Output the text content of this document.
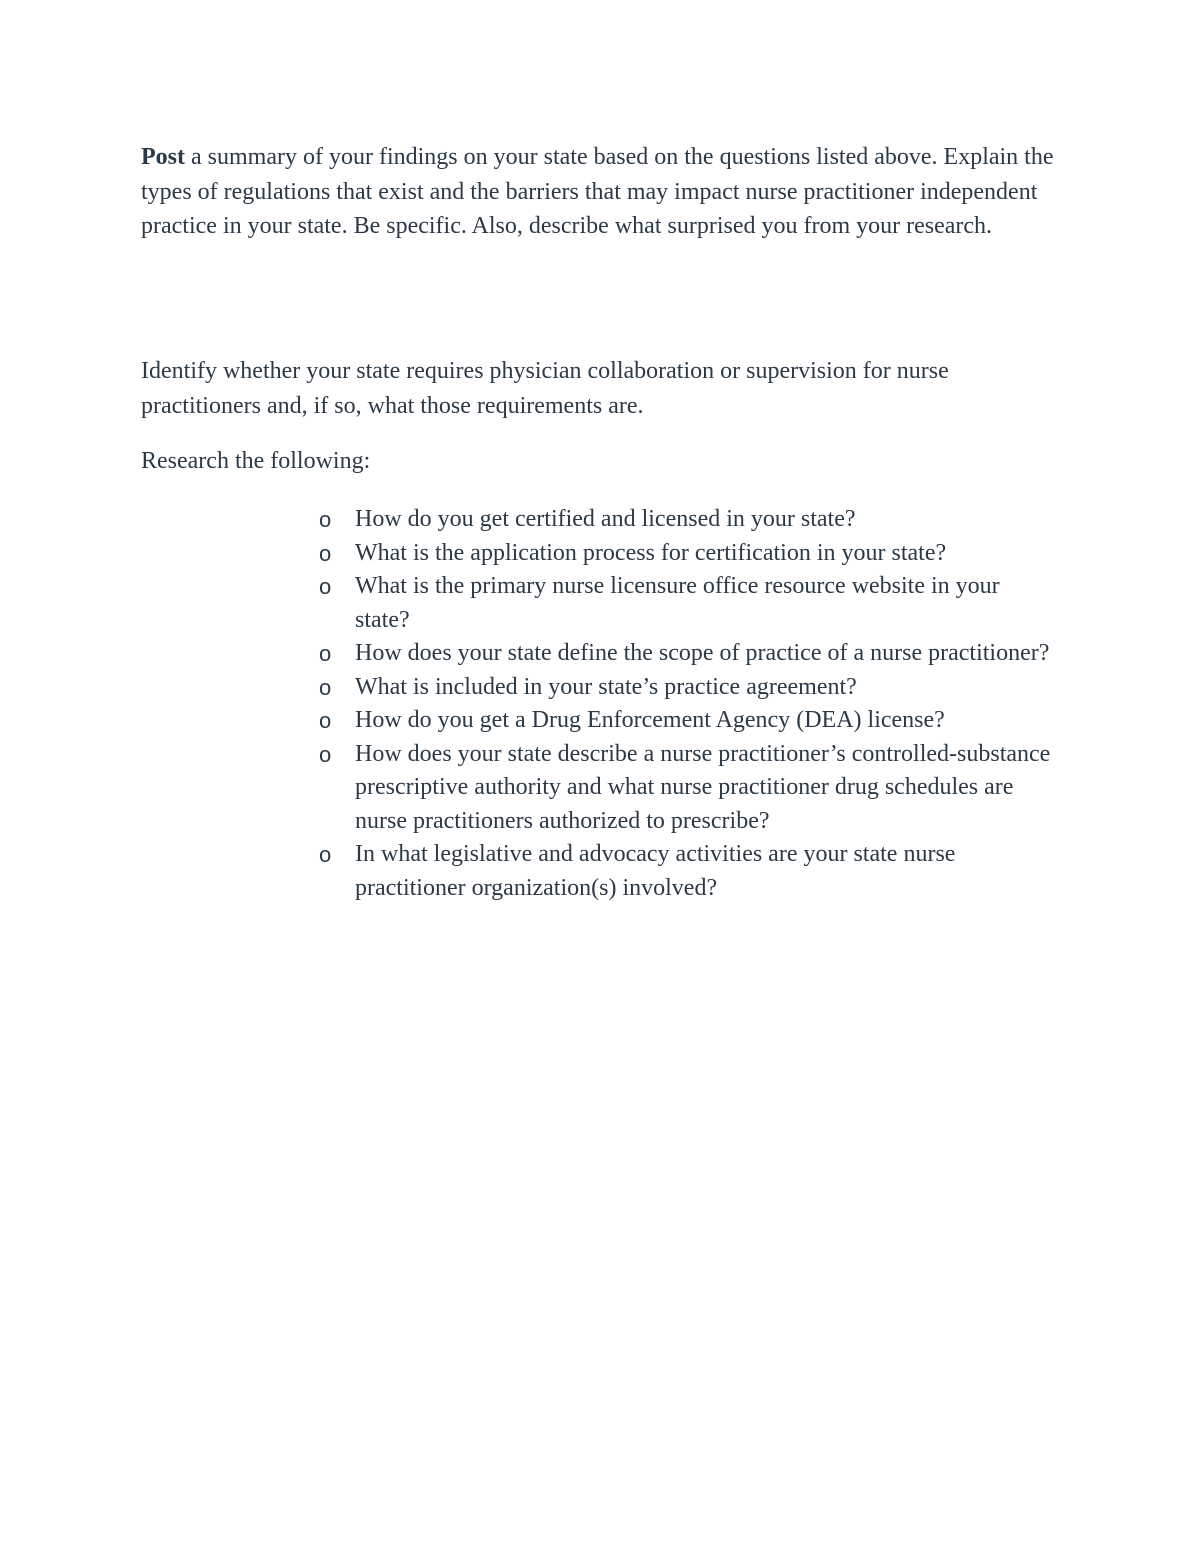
Post a summary of your findings on your state based on the questions listed above. Explain the types of regulations that exist and the barriers that may impact nurse practitioner independent practice in your state. Be specific. Also, describe what surprised you from your research.

Identify whether your state requires physician collaboration or supervision for nurse practitioners and, if so, what those requirements are.

Research the following:

o How do you get certified and licensed in your state?
o What is the application process for certification in your state?
o What is the primary nurse licensure office resource website in your state?
o How does your state define the scope of practice of a nurse practitioner?
o What is included in your state’s practice agreement?
o How do you get a Drug Enforcement Agency (DEA) license?
o How does your state describe a nurse practitioner’s controlled-substance prescriptive authority and what nurse practitioner drug schedules are nurse practitioners authorized to prescribe?
o In what legislative and advocacy activities are your state nurse practitioner organization(s) involved?
